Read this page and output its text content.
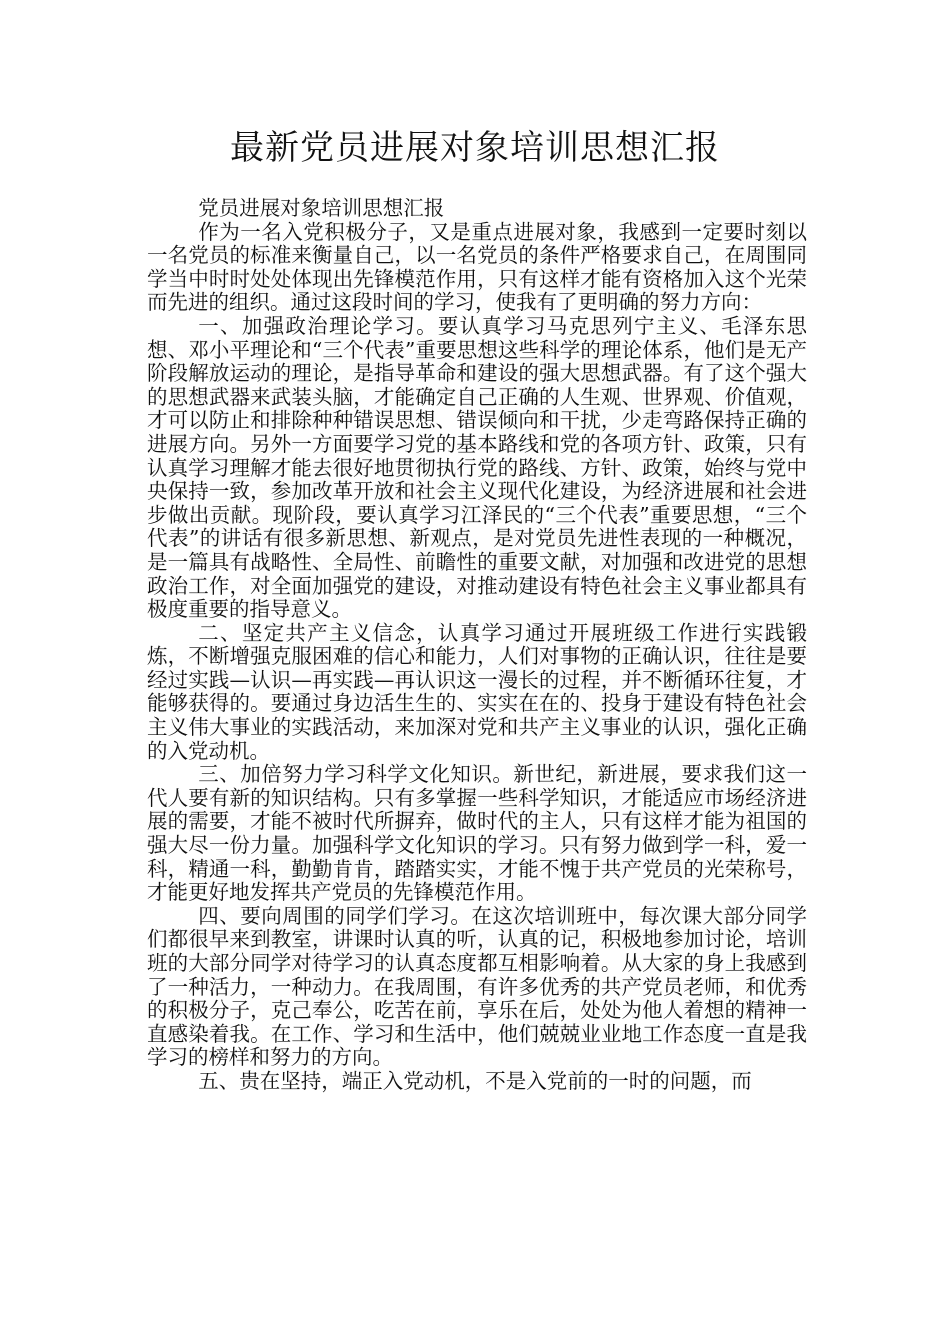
最新党员进展对象培训思想汇报

党员进展对象培训思想汇报

作为一名入党积极分子，又是重点进展对象，我感到一定要时刻以一名党员的标准来衡量自己，以一名党员的条件严格要求自己，在周围同学当中时时处处体现出先锋模范作用，只有这样才能有资格加入这个光荣而先进的组织。通过这段时间的学习，使我有了更明确的努力方向：

一、加强政治理论学习。要认真学习马克思列宁主义、毛泽东思想、邓小平理论和“三个代表”重要思想这些科学的理论体系，他们是无产阶段解放运动的理论，是指导革命和建设的强大思想武器。有了这个强大的思想武器来武装头脑，才能确定自己正确的人生观、世界观、价值观，才可以防止和排除种种错误思想、错误倾向和干扰，少走弯路保持正确的进展方向。另外一方面要学习党的基本路线和党的各项方针、政策，只有认真学习理解才能去很好地贯彻执行党的路线、方针、政策，始终与党中央保持一致，参加改革开放和社会主义现代化建设，为经济进展和社会进步做出贡献。现阶段，要认真学习江泽民的“三个代表”重要思想，“三个代表”的讲话有很多新思想、新观点，是对党员先进性表现的一种概况，是一篇具有战略性、全局性、前瞻性的重要文献，对加强和改进党的思想政治工作，对全面加强党的建设，对推动建设有特色社会主义事业都具有极度重要的指导意义。

二、坚定共产主义信念，认真学习通过开展班级工作进行实践锻炼，不断增强克服困难的信心和能力，人们对事物的正确认识，往往是要经过实践—认识—再实践—再认识这一漫长的过程，并不断循环往复，才能够获得的。要通过身边活生生的、实实在在的、投身于建设有特色社会主义伟大事业的实践活动，来加深对党和共产主义事业的认识，强化正确的入党动机。

三、加倍努力学习科学文化知识。新世纪，新进展，要求我们这一代人要有新的知识结构。只有多掌握一些科学知识，才能适应市场经济进展的需要，才能不被时代所摒弃，做时代的主人，只有这样才能为祖国的强大尽一份力量。加强科学文化知识的学习。只有努力做到学一科，爱一科，精通一科，勤勤肯肯，踏踏实实，才能不愧于共产党员的光荣称号，才能更好地发挥共产党员的先锋模范作用。

四、要向周围的同学们学习。在这次培训班中，每次课大部分同学们都很早来到教室，讲课时认真的听，认真的记，积极地参加讨论，培训班的大部分同学对待学习的认真态度都互相影响着。从大家的身上我感到了一种活力，一种动力。在我周围，有许多优秀的共产党员老师，和优秀的积极分子，克己奉公，吃苦在前，享乐在后，处处为他人着想的精神一直感染着我。在工作、学习和生活中，他们兢兢业业地工作态度一直是我学习的榜样和努力的方向。

五、贵在坚持，端正入党动机，不是入党前的一时的问题，而
